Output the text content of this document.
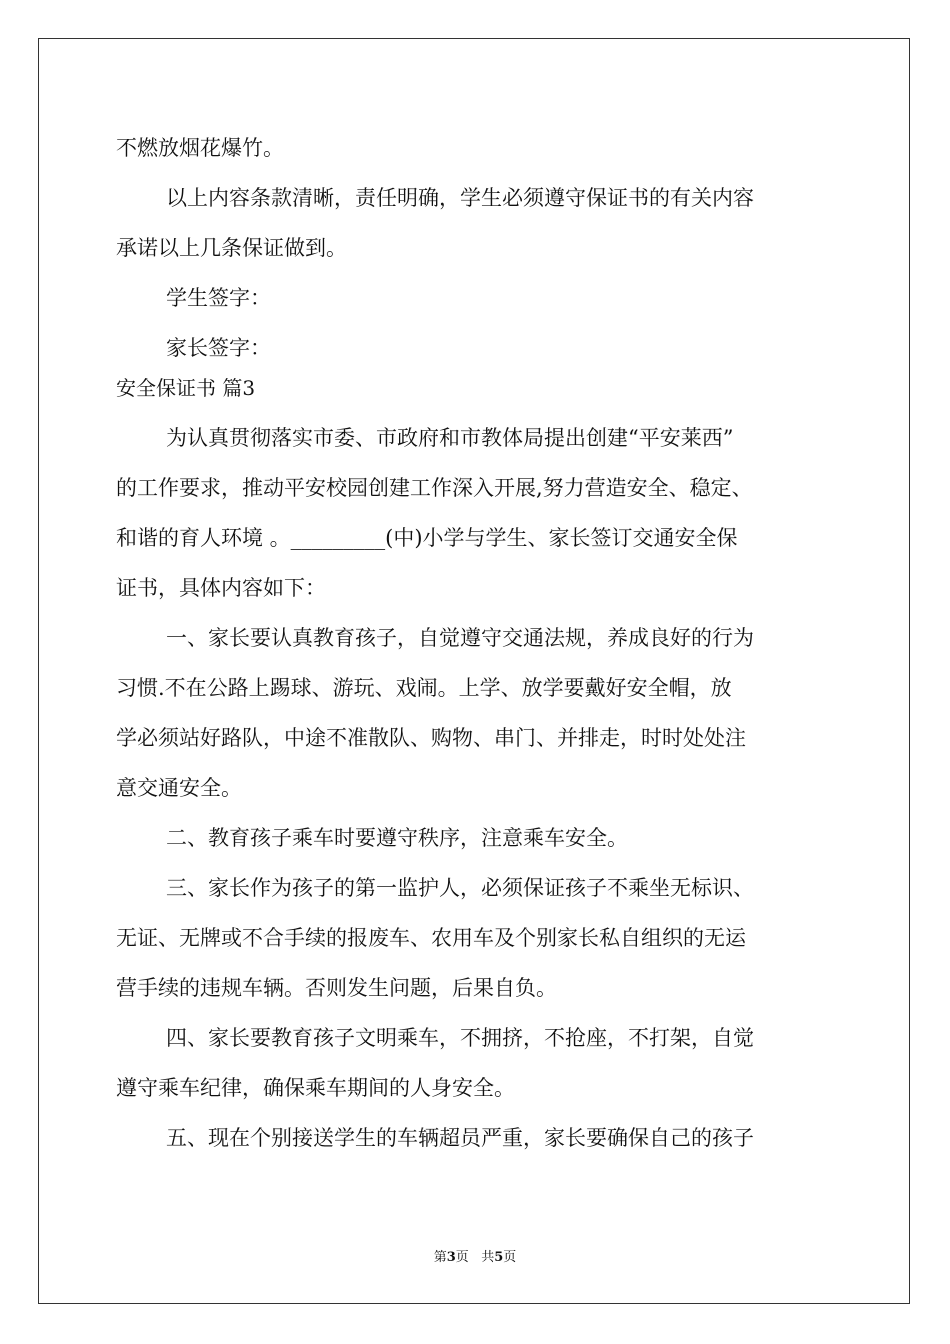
不燃放烟花爆竹。
以上内容条款清晰，责任明确，学生必须遵守保证书的有关内容
承诺以上几条保证做到。
学生签字：
家长签字：
安全保证书 篇3
为认真贯彻落实市委、市政府和市教体局提出创建“平安莱西”
的工作要求，推动平安校园创建工作深入开展,努力营造安全、稳定、
和谐的育人环境 。_________(中)小学与学生、家长签订交通安全保
证书，具体内容如下：
一、家长要认真教育孩子，自觉遵守交通法规，养成良好的行为
习惯.不在公路上踢球、游玩、戏闹。上学、放学要戴好安全帽，放
学必须站好路队，中途不准散队、购物、串门、并排走，时时处处注
意交通安全。
二、教育孩子乘车时要遵守秩序，注意乘车安全。
三、家长作为孩子的第一监护人，必须保证孩子不乘坐无标识、
无证、无牌或不合手续的报废车、农用车及个别家长私自组织的无运
营手续的违规车辆。否则发生问题，后果自负。
四、家长要教育孩子文明乘车，不拥挤，不抢座，不打架，自觉
遵守乘车纪律，确保乘车期间的人身安全。
五、现在个别接送学生的车辆超员严重，家长要确保自己的孩子
第3页   共5页
